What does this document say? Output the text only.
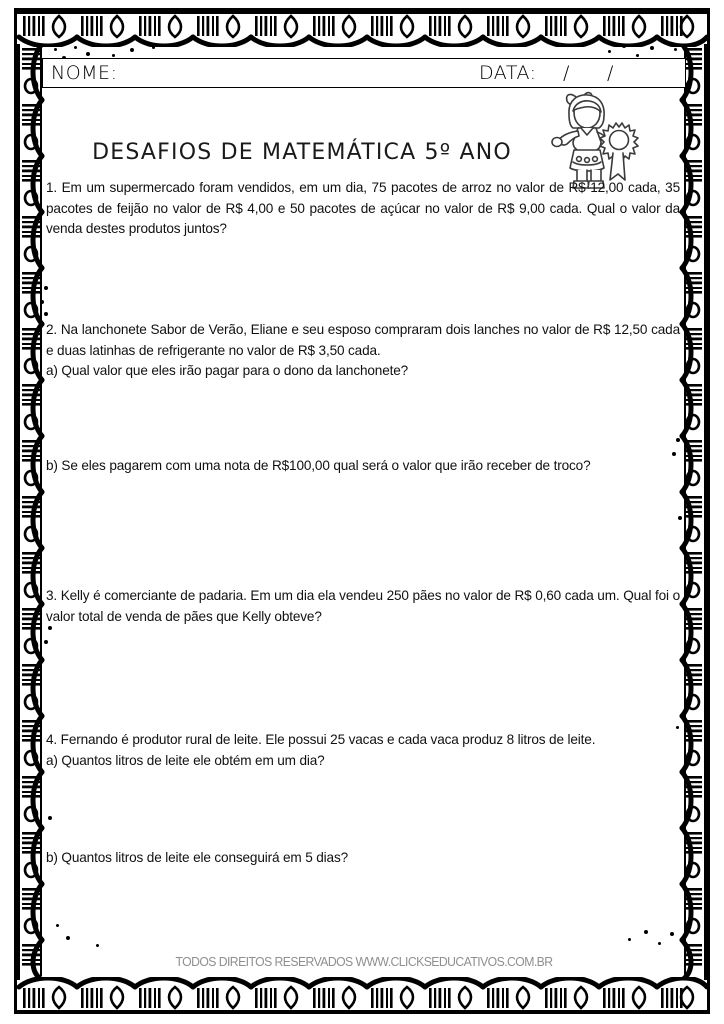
NOME:	DATA: / /
DESAFIOS DE MATEMÁTICA 5º ANO

1. Em um supermercado foram vendidos, em um dia, 75 pacotes de arroz no valor de R$ 12,00 cada, 35 pacotes de feijão no valor de R$ 4,00 e 50 pacotes de açúcar no valor de R$ 9,00 cada. Qual o valor da venda destes produtos juntos?

2. Na lanchonete Sabor de Verão, Eliane e seu esposo compraram dois lanches no valor de R$ 12,50 cada e duas latinhas de refrigerante no valor de R$ 3,50 cada.

a) Qual valor que eles irão pagar para o dono da lanchonete?

b) Se eles pagarem com uma nota de R$100,00 qual será o valor que irão receber de troco?

3. Kelly é comerciante de padaria. Em um dia ela vendeu 250 pães no valor de R$ 0,60 cada um. Qual foi o valor total de venda de pães que Kelly obteve?

4. Fernando é produtor rural de leite. Ele possui 25 vacas e cada vaca produz 8 litros de leite.

a) Quantos litros de leite ele obtém em um dia?

b) Quantos litros de leite ele conseguirá em 5 dias?

TODOS DIREITOS RESERVADOS WWW.CLICKSEDUCATIVOS.COM.BR
